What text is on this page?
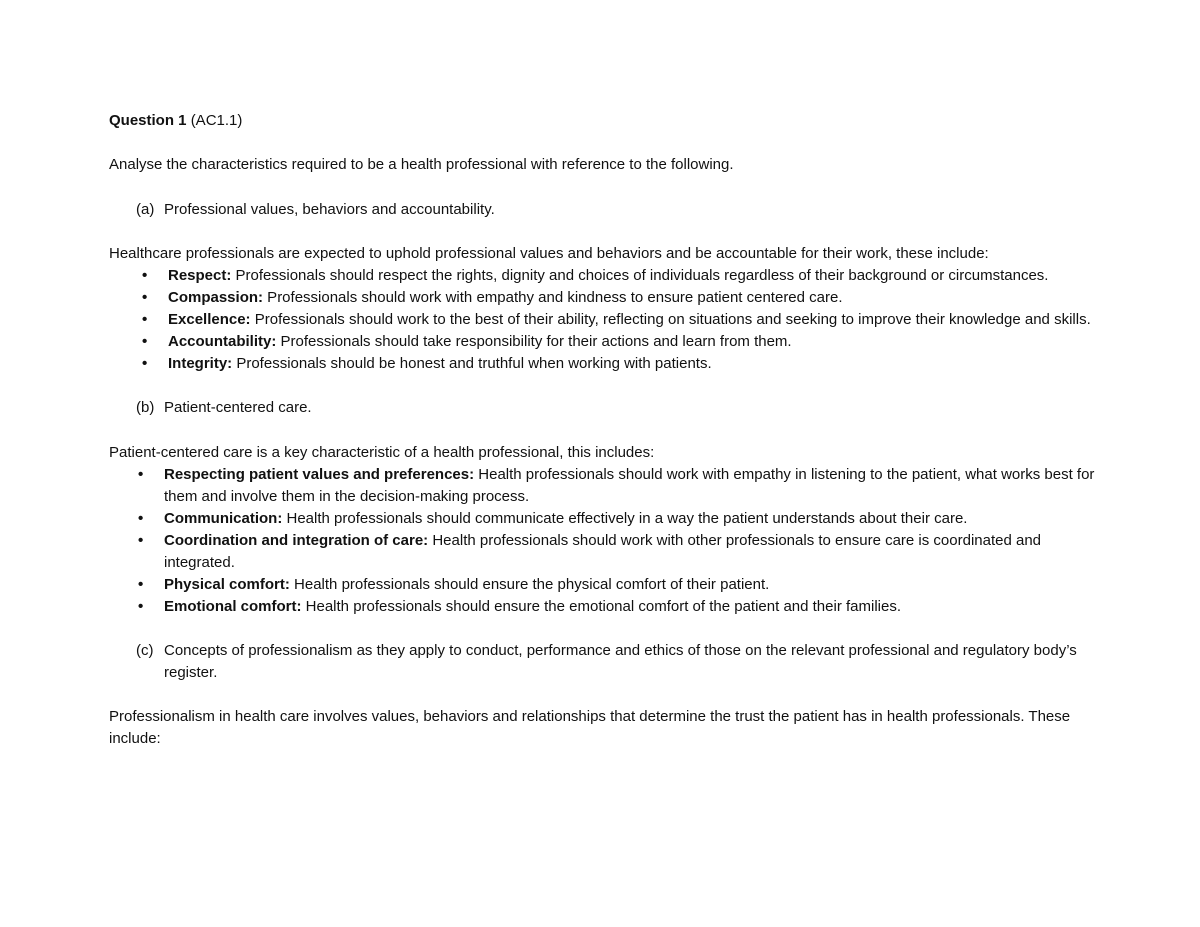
Question 1 (AC1.1)

Analyse the characteristics required to be a health professional with reference to the following.

(a) Professional values, behaviors and accountability.

Healthcare professionals are expected to uphold professional values and behaviors and be accountable for their work, these include:

• Respect: Professionals should respect the rights, dignity and choices of individuals regardless of their background or circumstances.
• Compassion: Professionals should work with empathy and kindness to ensure patient centered care.
• Excellence: Professionals should work to the best of their ability, reflecting on situations and seeking to improve their knowledge and skills.
• Accountability: Professionals should take responsibility for their actions and learn from them.
• Integrity: Professionals should be honest and truthful when working with patients.

(b) Patient-centered care.

Patient-centered care is a key characteristic of a health professional, this includes:

• Respecting patient values and preferences: Health professionals should work with empathy in listening to the patient, what works best for them and involve them in the decision-making process.
• Communication: Health professionals should communicate effectively in a way the patient understands about their care.
• Coordination and integration of care: Health professionals should work with other professionals to ensure care is coordinated and integrated.
• Physical comfort: Health professionals should ensure the physical comfort of their patient.
• Emotional comfort: Health professionals should ensure the emotional comfort of the patient and their families.

(c) Concepts of professionalism as they apply to conduct, performance and ethics of those on the relevant professional and regulatory body’s register.

Professionalism in health care involves values, behaviors and relationships that determine the trust the patient has in health professionals. These include:
